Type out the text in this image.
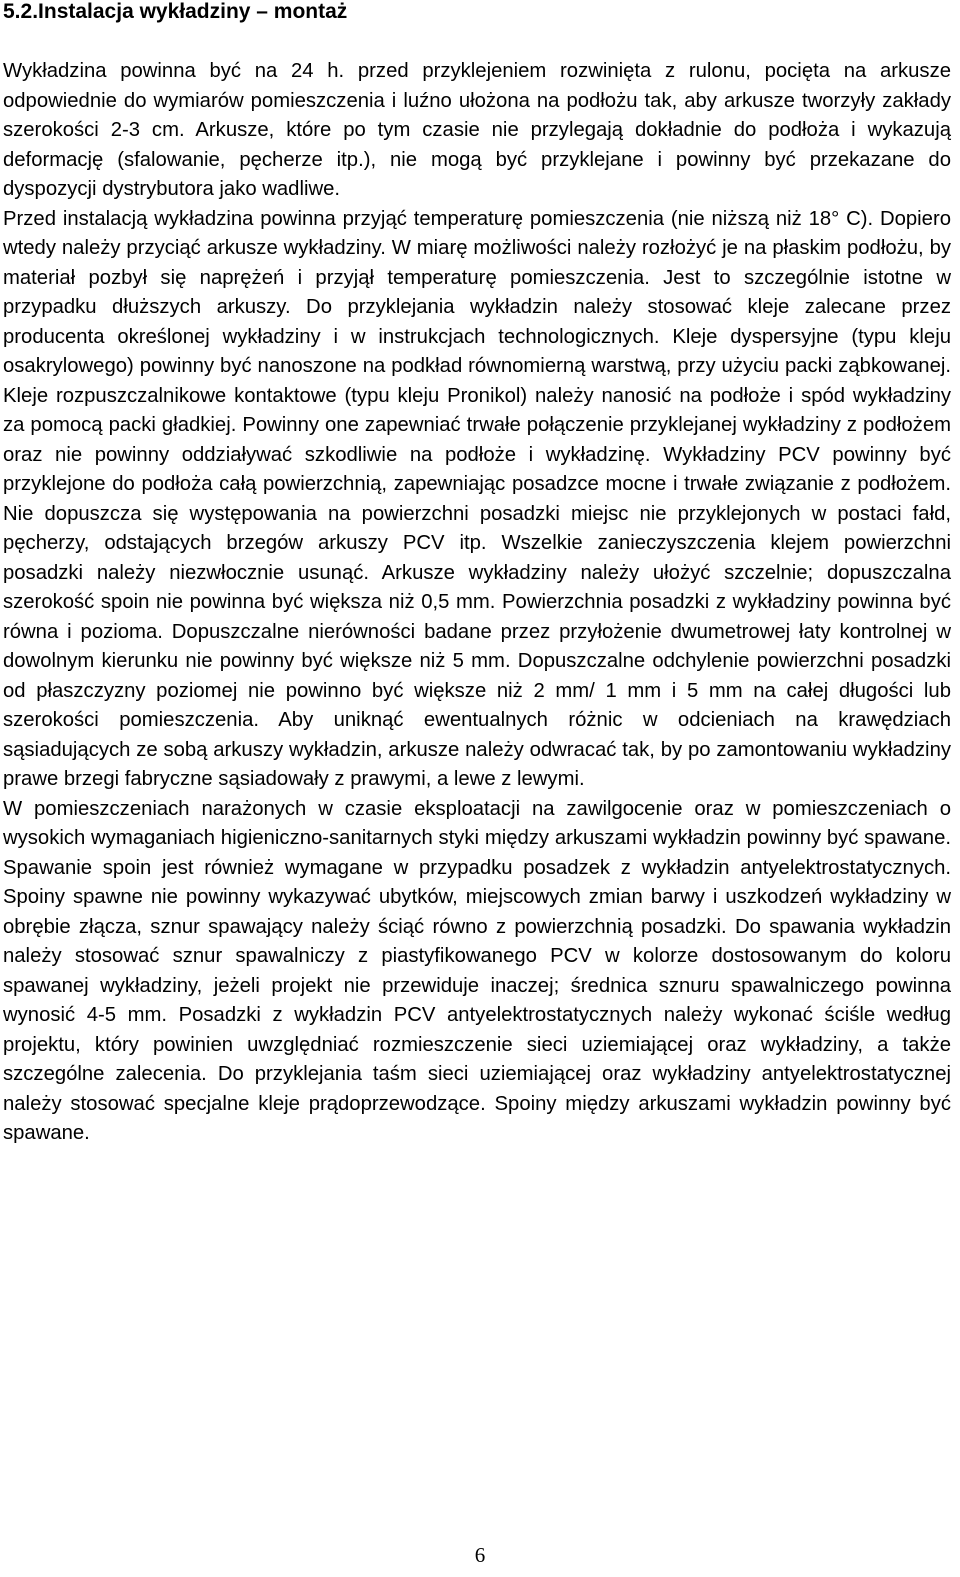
5.2.Instalacja wykładziny – montaż

Wykładzina powinna być na 24 h. przed przyklejeniem rozwinięta z rulonu, pocięta na arkusze odpowiednie do wymiarów pomieszczenia i luźno ułożona na podłożu tak, aby arkusze tworzyły zakłady szerokości 2-3 cm. Arkusze, które po tym czasie nie przylegają dokładnie do podłoża i wykazują deformację (sfalowanie, pęcherze itp.), nie mogą być przyklejane i powinny być przekazane do dyspozycji dystrybutora jako wadliwe.

Przed instalacją wykładzina powinna przyjąć temperaturę pomieszczenia (nie niższą niż 18° C). Dopiero wtedy należy przyciąć arkusze wykładziny. W miarę możliwości należy rozłożyć je na płaskim podłożu, by materiał pozbył się naprężeń i przyjął temperaturę pomieszczenia. Jest to szczególnie istotne w przypadku dłuższych arkuszy. Do przyklejania wykładzin należy stosować kleje zalecane przez producenta określonej wykładziny i w instrukcjach technologicznych. Kleje dyspersyjne (typu kleju osakrylowego) powinny być nanoszone na podkład równomierną warstwą, przy użyciu packi ząbkowanej. Kleje rozpuszczalnikowe kontaktowe (typu kleju Pronikol) należy nanosić na podłoże i spód wykładziny za pomocą packi gładkiej. Powinny one zapewniać trwałe połączenie przyklejanej wykładziny z podłożem oraz nie powinny oddziaływać szkodliwie na podłoże i wykładzinę. Wykładziny PCV powinny być przyklejone do podłoża całą powierzchnią, zapewniając posadzce mocne i trwałe związanie z podłożem. Nie dopuszcza się występowania na powierzchni posadzki miejsc nie przyklejonych w postaci fałd, pęcherzy, odstających brzegów arkuszy PCV itp. Wszelkie zanieczyszczenia klejem powierzchni posadzki należy niezwłocznie usunąć. Arkusze wykładziny należy ułożyć szczelnie; dopuszczalna szerokość spoin nie powinna być większa niż 0,5 mm. Powierzchnia posadzki z wykładziny powinna być równa i pozioma. Dopuszczalne nierówności badane przez przyłożenie dwumetrowej łaty kontrolnej w dowolnym kierunku nie powinny być większe niż 5 mm. Dopuszczalne odchylenie powierzchni posadzki od płaszczyzny poziomej nie powinno być większe niż 2 mm/ 1 mm i 5 mm na całej długości lub szerokości pomieszczenia. Aby uniknąć ewentualnych różnic w odcieniach na krawędziach sąsiadujących ze sobą arkuszy wykładzin, arkusze należy odwracać tak, by po zamontowaniu wykładziny prawe brzegi fabryczne sąsiadowały z prawymi, a lewe z lewymi.

W pomieszczeniach narażonych w czasie eksploatacji na zawilgocenie oraz w pomieszczeniach o wysokich wymaganiach higieniczno-sanitarnych styki między arkuszami wykładzin powinny być spawane. Spawanie spoin jest również wymagane w przypadku posadzek z wykładzin antyelektrostatycznych. Spoiny spawne nie powinny wykazywać ubytków, miejscowych zmian barwy i uszkodzeń wykładziny w obrębie złącza, sznur spawający należy ściąć równo z powierzchnią posadzki. Do spawania wykładzin należy stosować sznur spawalniczy z piastyfikowanego PCV w kolorze dostosowanym do koloru spawanej wykładziny, jeżeli projekt nie przewiduje inaczej; średnica sznuru spawalniczego powinna wynosić 4-5 mm. Posadzki z wykładzin PCV antyelektrostatycznych należy wykonać ściśle według projektu, który powinien uwzględniać rozmieszczenie sieci uziemiającej oraz wykładziny, a także szczególne zalecenia. Do przyklejania taśm sieci uziemiającej oraz wykładziny antyelektrostatycznej należy stosować specjalne kleje prądoprzewodzące. Spoiny między arkuszami wykładzin powinny być spawane.

6
